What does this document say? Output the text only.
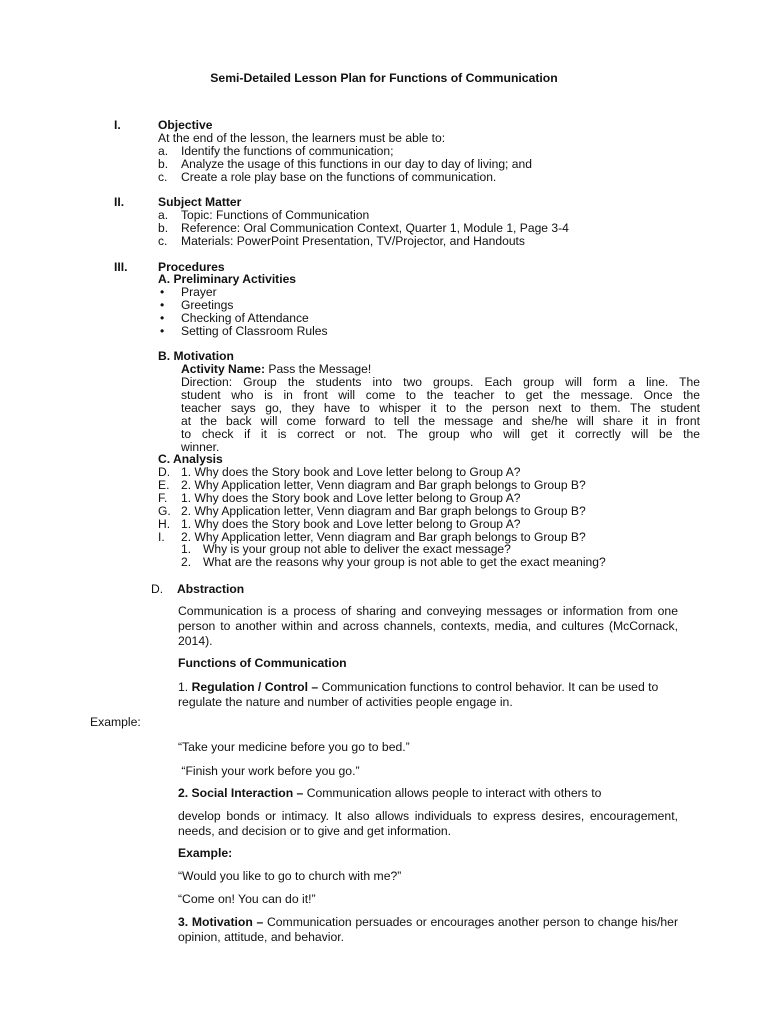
Semi-Detailed Lesson Plan for Functions of Communication
I.	Objective
At the end of the lesson, the learners must be able to:
a. Identify the functions of communication;
b. Analyze the usage of this functions in our day to day of living; and
c. Create a role play base on the functions of communication.
II.	Subject Matter
a. Topic: Functions of Communication
b. Reference: Oral Communication Context, Quarter 1, Module 1, Page 3-4
c. Materials: PowerPoint Presentation, TV/Projector, and Handouts
III.	Procedures
A. Preliminary Activities
• Prayer
• Greetings
• Checking of Attendance
• Setting of Classroom Rules
B. Motivation
Activity Name: Pass the Message!
Direction: Group the students into two groups. Each group will form a line. The
student who is in front will come to the teacher to get the message. Once the
teacher says go, they have to whisper it to the person next to them. The student
at the back will come forward to tell the message and she/he will share it in front
to check if it is correct or not. The group who will get it correctly will be the
winner.
C. Analysis
D. 1. Why does the Story book and Love letter belong to Group A?
E. 2. Why Application letter, Venn diagram and Bar graph belongs to Group B?
F. 1. Why does the Story book and Love letter belong to Group A?
G. 2. Why Application letter, Venn diagram and Bar graph belongs to Group B?
H. 1. Why does the Story book and Love letter belong to Group A?
I. 2. Why Application letter, Venn diagram and Bar graph belongs to Group B?
1. Why is your group not able to deliver the exact message?
2. What are the reasons why your group is not able to get the exact meaning?
D. Abstraction
Communication is a process of sharing and conveying messages or information from one person to another within and across channels, contexts, media, and cultures (McCornack, 2014).
Functions of Communication
1. Regulation / Control – Communication functions to control behavior. It can be used to regulate the nature and number of activities people engage in.
Example:
“Take your medicine before you go to bed.”
“Finish your work before you go.”
2. Social Interaction – Communication allows people to interact with others to
develop bonds or intimacy. It also allows individuals to express desires, encouragement, needs, and decision or to give and get information.
Example:
“Would you like to go to church with me?”
“Come on! You can do it!”
3. Motivation – Communication persuades or encourages another person to change his/her opinion, attitude, and behavior.
